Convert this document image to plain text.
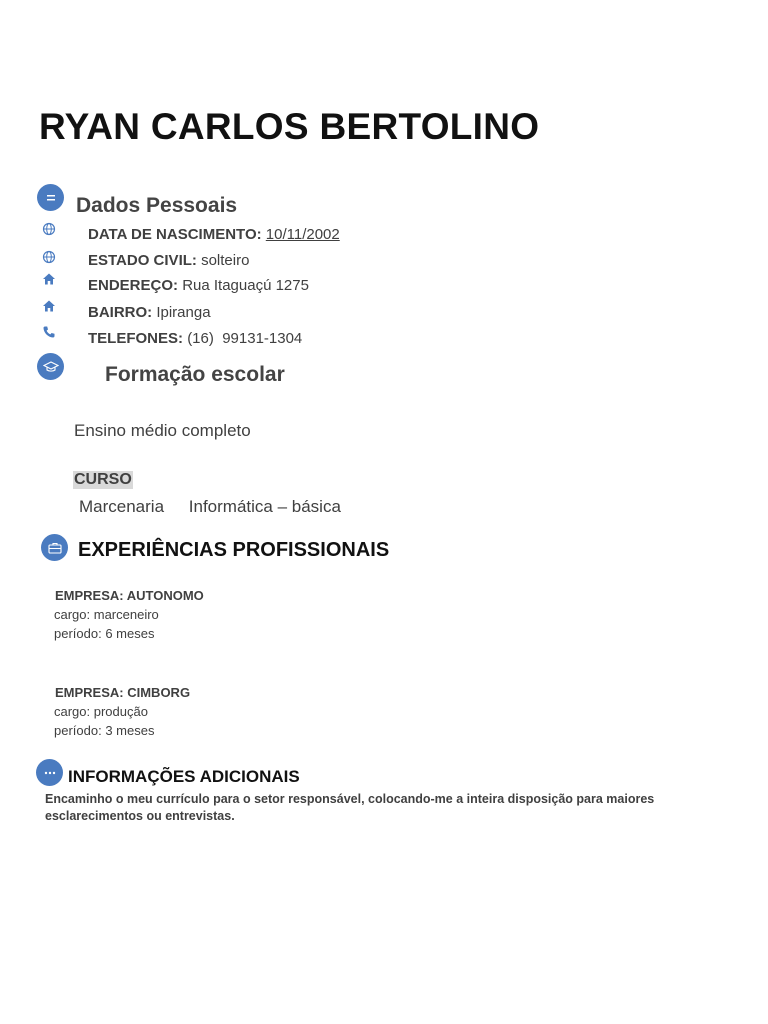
RYAN CARLOS BERTOLINO
Dados Pessoais
DATA DE NASCIMENTO: 10/11/2002
ESTADO CIVIL: solteiro
ENDEREÇO: Rua Itaguaçú 1275
BAIRRO: Ipiranga
TELEFONES: (16)  99131-1304
Formação escolar
Ensino médio completo
CURSO
Marcenaria Informática – básica
EXPERIÊNCIAS PROFISSIONAIS
EMPRESA: AUTONOMO
cargo: marceneiro
período: 6 meses
EMPRESA: CIMBORG
cargo: produção
período: 3 meses
INFORMAÇÕES ADICIONAIS
Encaminho o meu currículo para o setor responsável, colocando-me a inteira disposição para maiores esclarecimentos ou entrevistas.
